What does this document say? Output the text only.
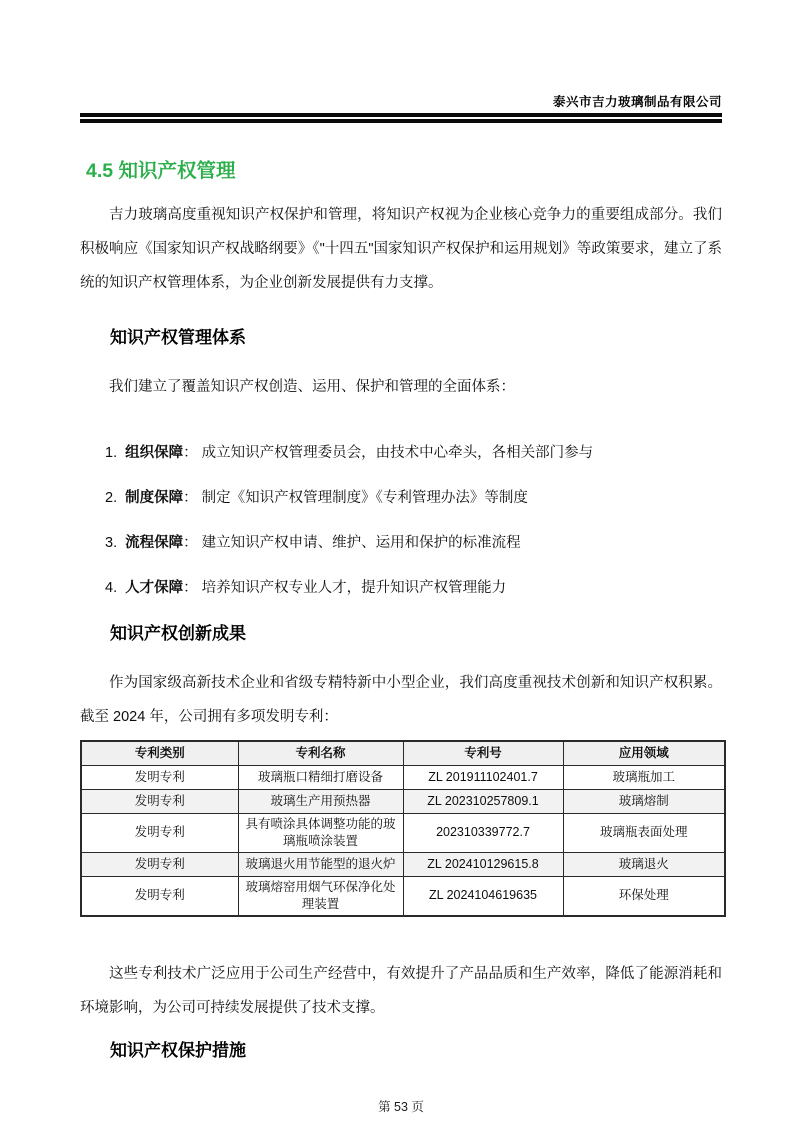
泰兴市吉力玻璃制品有限公司
4.5 知识产权管理

吉力玻璃高度重视知识产权保护和管理，将知识产权视为企业核心竞争力的重要组成部分。我们积极响应《国家知识产权战略纲要》《"十四五"国家知识产权保护和运用规划》等政策要求，建立了系统的知识产权管理体系，为企业创新发展提供有力支撑。

知识产权管理体系

我们建立了覆盖知识产权创造、运用、保护和管理的全面体系：

1. 组织保障： 成立知识产权管理委员会，由技术中心牵头，各相关部门参与
2. 制度保障： 制定《知识产权管理制度》《专利管理办法》等制度
3. 流程保障： 建立知识产权申请、维护、运用和保护的标准流程
4. 人才保障： 培养知识产权专业人才，提升知识产权管理能力
知识产权创新成果

作为国家级高新技术企业和省级专精特新中小型企业，我们高度重视技术创新和知识产权积累。截至 2024 年，公司拥有多项发明专利：

专利类别	专利名称	专利号	应用领域
发明专利	玻璃瓶口精细打磨设备	ZL 201911102401.7	玻璃瓶加工
发明专利	玻璃生产用预热器	ZL 202310257809.1	玻璃熔制
发明专利	具有喷涂具体调整功能的玻璃瓶喷涂装置	202310339772.7	玻璃瓶表面处理
发明专利	玻璃退火用节能型的退火炉	ZL 202410129615.8	玻璃退火
发明专利	玻璃熔窑用烟气环保净化处理装置	ZL 2024104619635	环保处理

这些专利技术广泛应用于公司生产经营中，有效提升了产品品质和生产效率，降低了能源消耗和环境影响，为公司可持续发展提供了技术支撑。

知识产权保护措施
第 53 页
